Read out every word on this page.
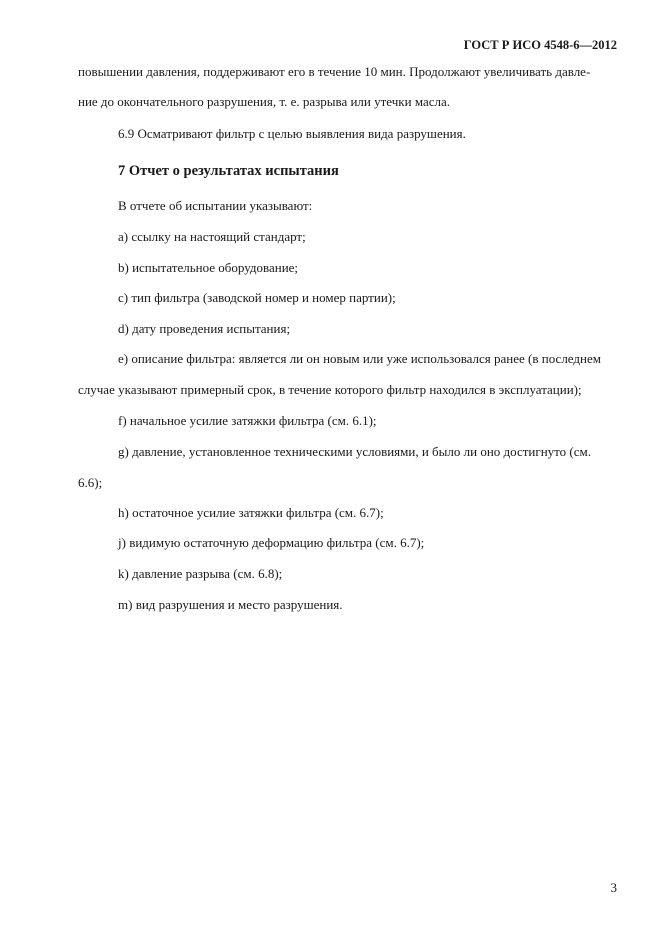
ГОСТ Р ИСО 4548-6—2012
повышении давления, поддерживают его в течение 10 мин. Продолжают увеличивать давле-
ние до окончательного разрушения, т. е. разрыва или утечки масла.
6.9 Осматривают фильтр с целью выявления вида разрушения.
7 Отчет о результатах испытания
В отчете об испытании указывают:
a) ссылку на настоящий стандарт;
b) испытательное оборудование;
c) тип фильтра (заводской номер и номер партии);
d) дату проведения испытания;
e) описание фильтра: является ли он новым или уже использовался ранее (в последнем
случае указывают примерный срок, в течение которого фильтр находился в эксплуатации);
f) начальное усилие затяжки фильтра (см. 6.1);
g) давление, установленное техническими условиями, и было ли оно достигнуто (см.
6.6);
h) остаточное усилие затяжки фильтра (см. 6.7);
j) видимую остаточную деформацию фильтра (см. 6.7);
k) давление разрыва (см. 6.8);
m) вид разрушения и место разрушения.
3
